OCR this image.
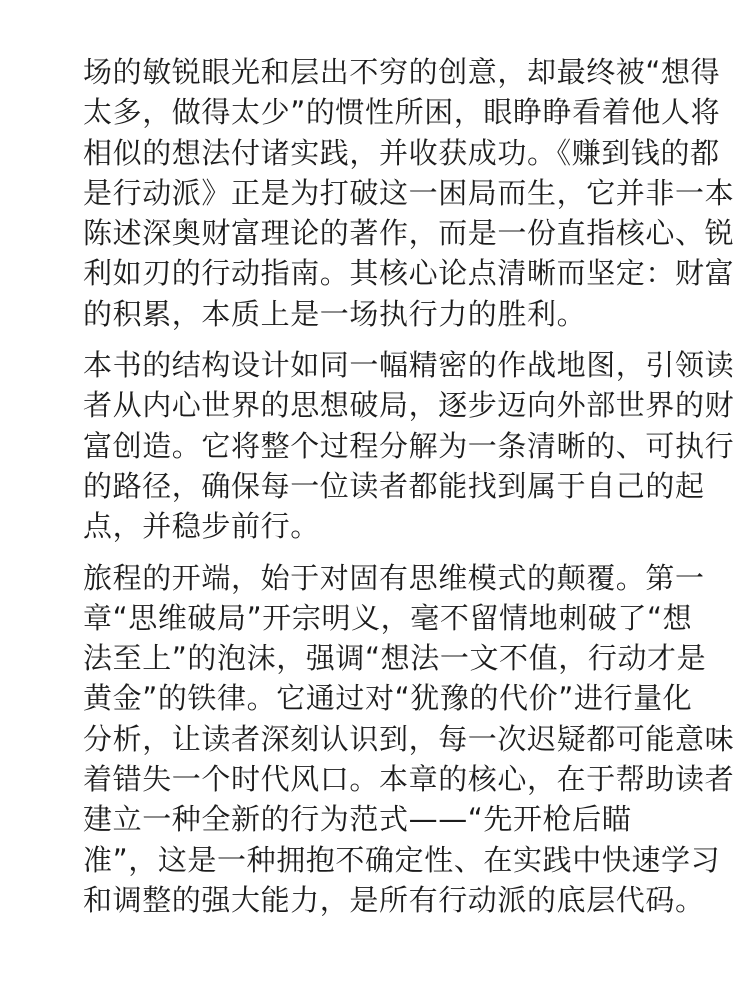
场的敏锐眼光和层出不穷的创意，却最终被“想得
太多，做得太少”的惯性所困，眼睁睁看着他人将
相似的想法付诸实践，并收获成功。《赚到钱的都
是行动派》正是为打破这一困局而生，它并非一本
陈述深奥财富理论的著作，而是一份直指核心、锐
利如刃的行动指南。其核心论点清晰而坚定：财富
的积累，本质上是一场执行力的胜利。
本书的结构设计如同一幅精密的作战地图，引领读
者从内心世界的思想破局，逐步迈向外部世界的财
富创造。它将整个过程分解为一条清晰的、可执行
的路径，确保每一位读者都能找到属于自己的起
点，并稳步前行。
旅程的开端，始于对固有思维模式的颠覆。第一
章“思维破局”开宗明义，毫不留情地刺破了“想
法至上”的泡沫，强调“想法一文不值，行动才是
黄金”的铁律。它通过对“犹豫的代价”进行量化
分析，让读者深刻认识到，每一次迟疑都可能意味
着错失一个时代风口。本章的核心，在于帮助读者
建立一种全新的行为范式——“先开枪后瞄
准”，这是一种拥抱不确定性、在实践中快速学习
和调整的强大能力，是所有行动派的底层代码。
